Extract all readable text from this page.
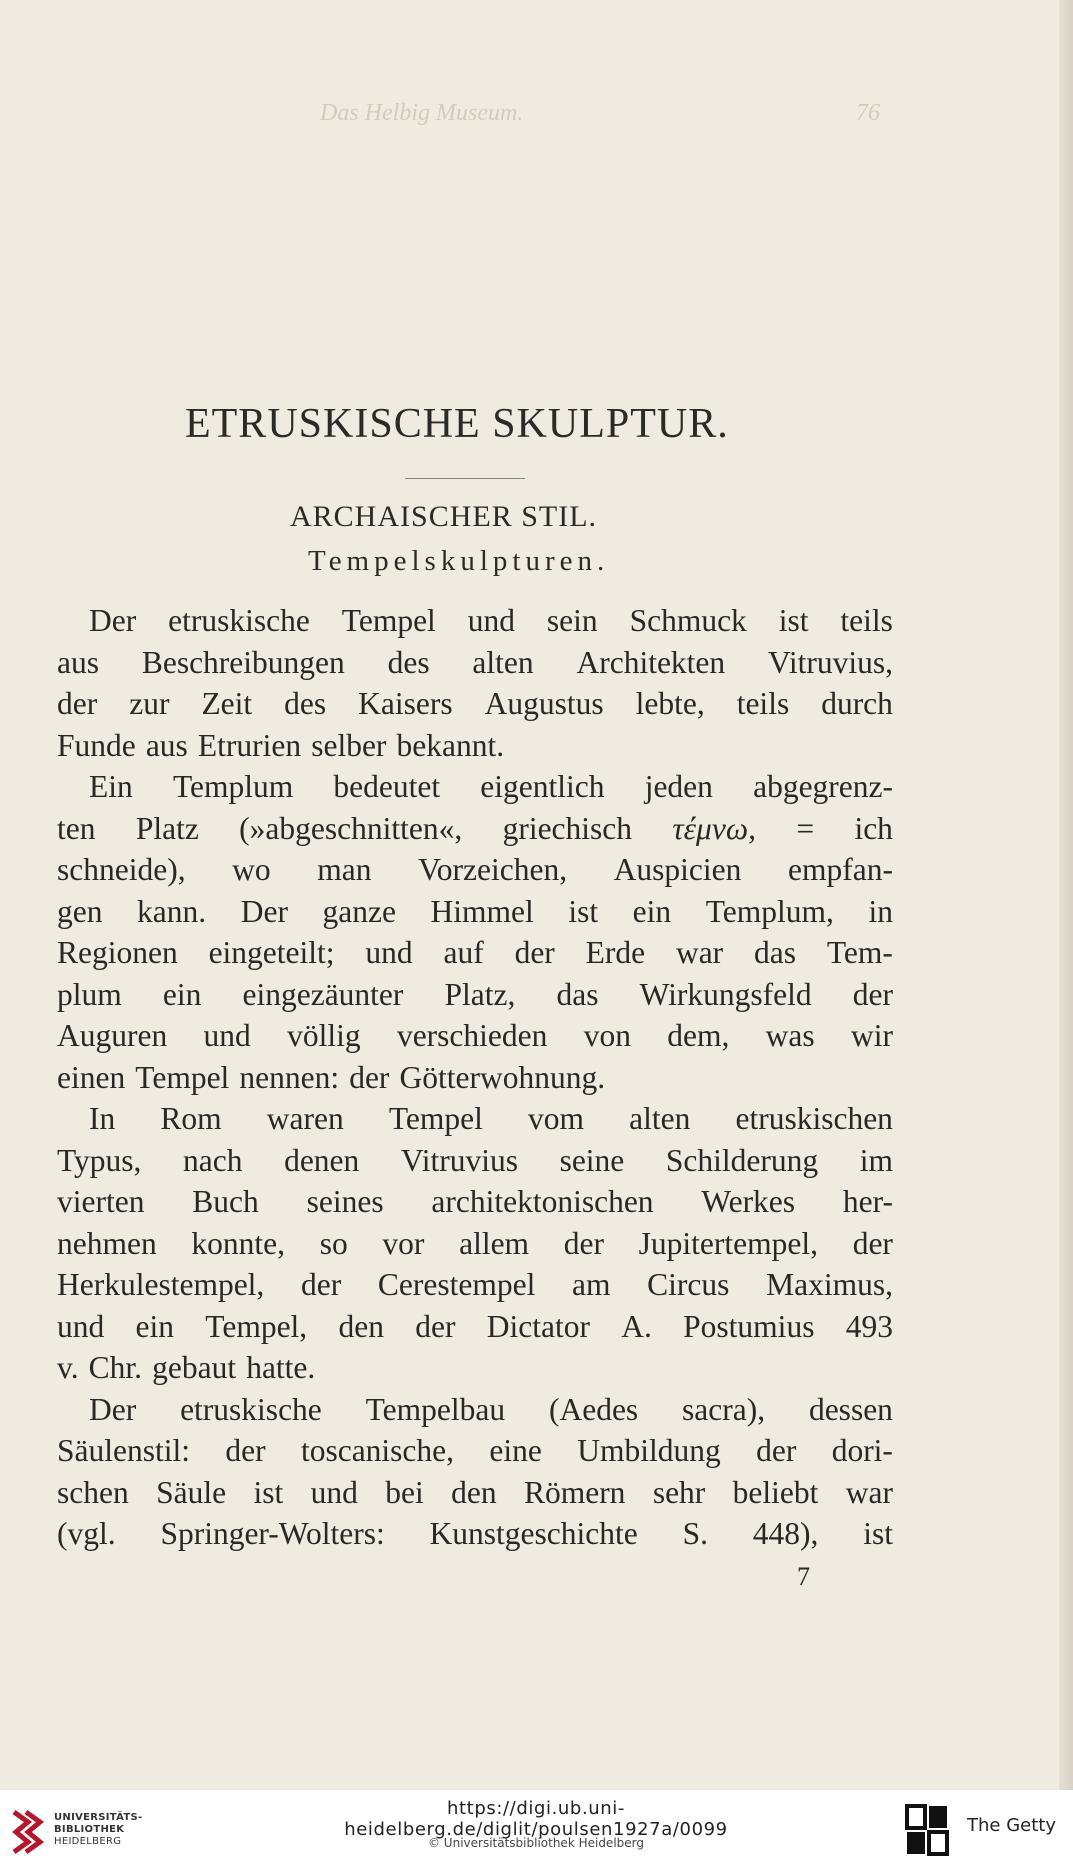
Das Helbig Museum.	76
ETRUSKISCHE SKULPTUR.
ARCHAISCHER STIL.
Tempelskulpturen.
Der etruskische Tempel und sein Schmuck ist teils
aus Beschreibungen des alten Architekten Vitruvius,
der zur Zeit des Kaisers Augustus lebte, teils durch
Funde aus Etrurien selber bekannt.
Ein Templum bedeutet eigentlich jeden abgegrenz-
ten Platz (»abgeschnitten«, griechisch τέμνω, = ich
schneide), wo man Vorzeichen, Auspicien empfan-
gen kann. Der ganze Himmel ist ein Templum, in
Regionen eingeteilt; und auf der Erde war das Tem-
plum ein eingezäunter Platz, das Wirkungsfeld der
Auguren und völlig verschieden von dem, was wir
einen Tempel nennen: der Götterwohnung.
In Rom waren Tempel vom alten etruskischen
Typus, nach denen Vitruvius seine Schilderung im
vierten Buch seines architektonischen Werkes her-
nehmen konnte, so vor allem der Jupitertempel, der
Herkulestempel, der Cerestempel am Circus Maximus,
und ein Tempel, den der Dictator A. Postumius 493
v. Chr. gebaut hatte.
Der etruskische Tempelbau (Aedes sacra), dessen
Säulenstil: der toscanische, eine Umbildung der dori-
schen Säule ist und bei den Römern sehr beliebt war
(vgl. Springer-Wolters: Kunstgeschichte S. 448), ist
7
UNIVERSITÄTS-
BIBLIOTHEK
HEIDELBERG
https://digi.ub.uni-heidelberg.de/diglit/poulsen1927a/0099
© Universitätsbibliothek Heidelberg
The Getty
